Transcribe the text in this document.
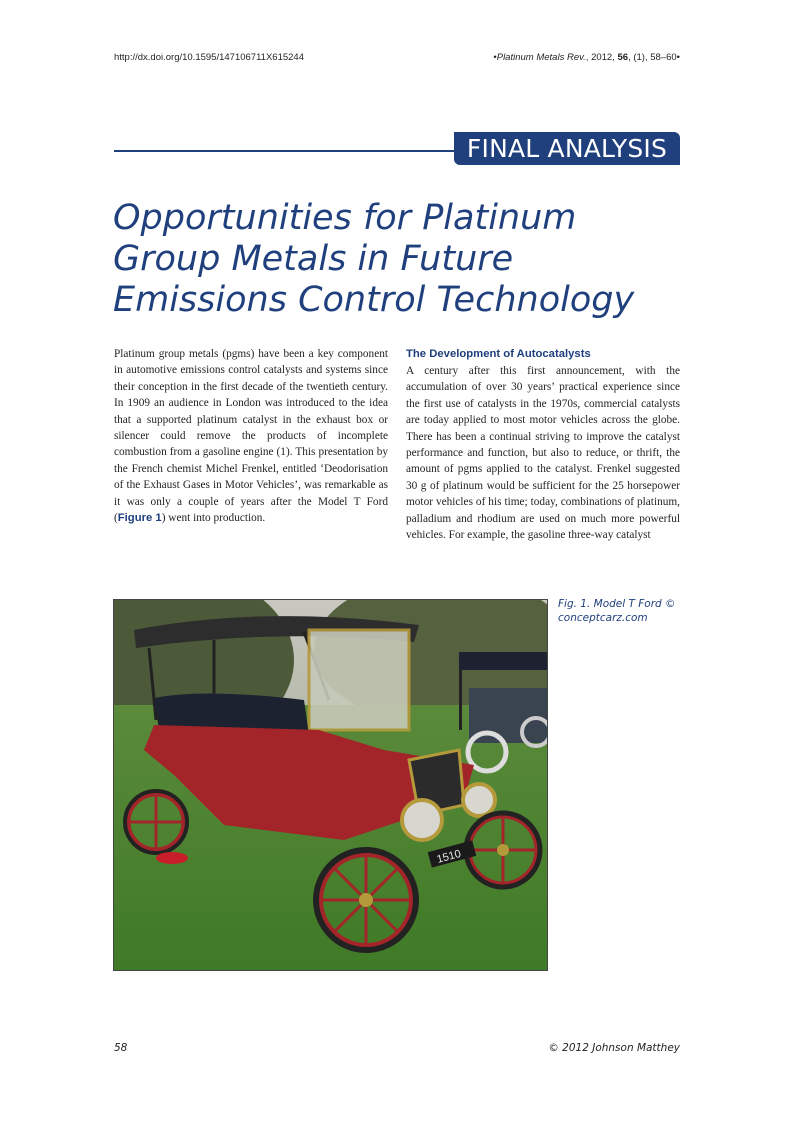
http://dx.doi.org/10.1595/147106711X615244	•Platinum Metals Rev., 2012, 56, (1), 58–60•
FINAL ANALYSIS
Opportunities for Platinum Group Metals in Future Emissions Control Technology

Platinum group metals (pgms) have been a key component in automotive emissions control catalysts and systems since their conception in the first decade of the twentieth century. In 1909 an audience in London was introduced to the idea that a supported platinum catalyst in the exhaust box or silencer could remove the products of incomplete combustion from a gasoline engine (1). This presentation by the French chemist Michel Frenkel, entitled ‘Deodorisation of the Exhaust Gases in Motor Vehicles’, was remarkable as it was only a couple of years after the Model T Ford (Figure 1) went into production.

The Development of Autocatalysts

A century after this first announcement, with the accumulation of over 30 years’ practical experience since the first use of catalysts in the 1970s, commercial catalysts are today applied to most motor vehicles across the globe. There has been a continual striving to improve the catalyst performance and function, but also to reduce, or thrift, the amount of pgms applied to the catalyst. Frenkel suggested 30 g of platinum would be sufficient for the 25 horsepower motor vehicles of his time; today, combinations of platinum, palladium and rhodium are used on much more powerful vehicles. For example, the gasoline three-way catalyst

1510
Fig. 1. Model T Ford © conceptcarz.com
58	© 2012 Johnson Matthey
